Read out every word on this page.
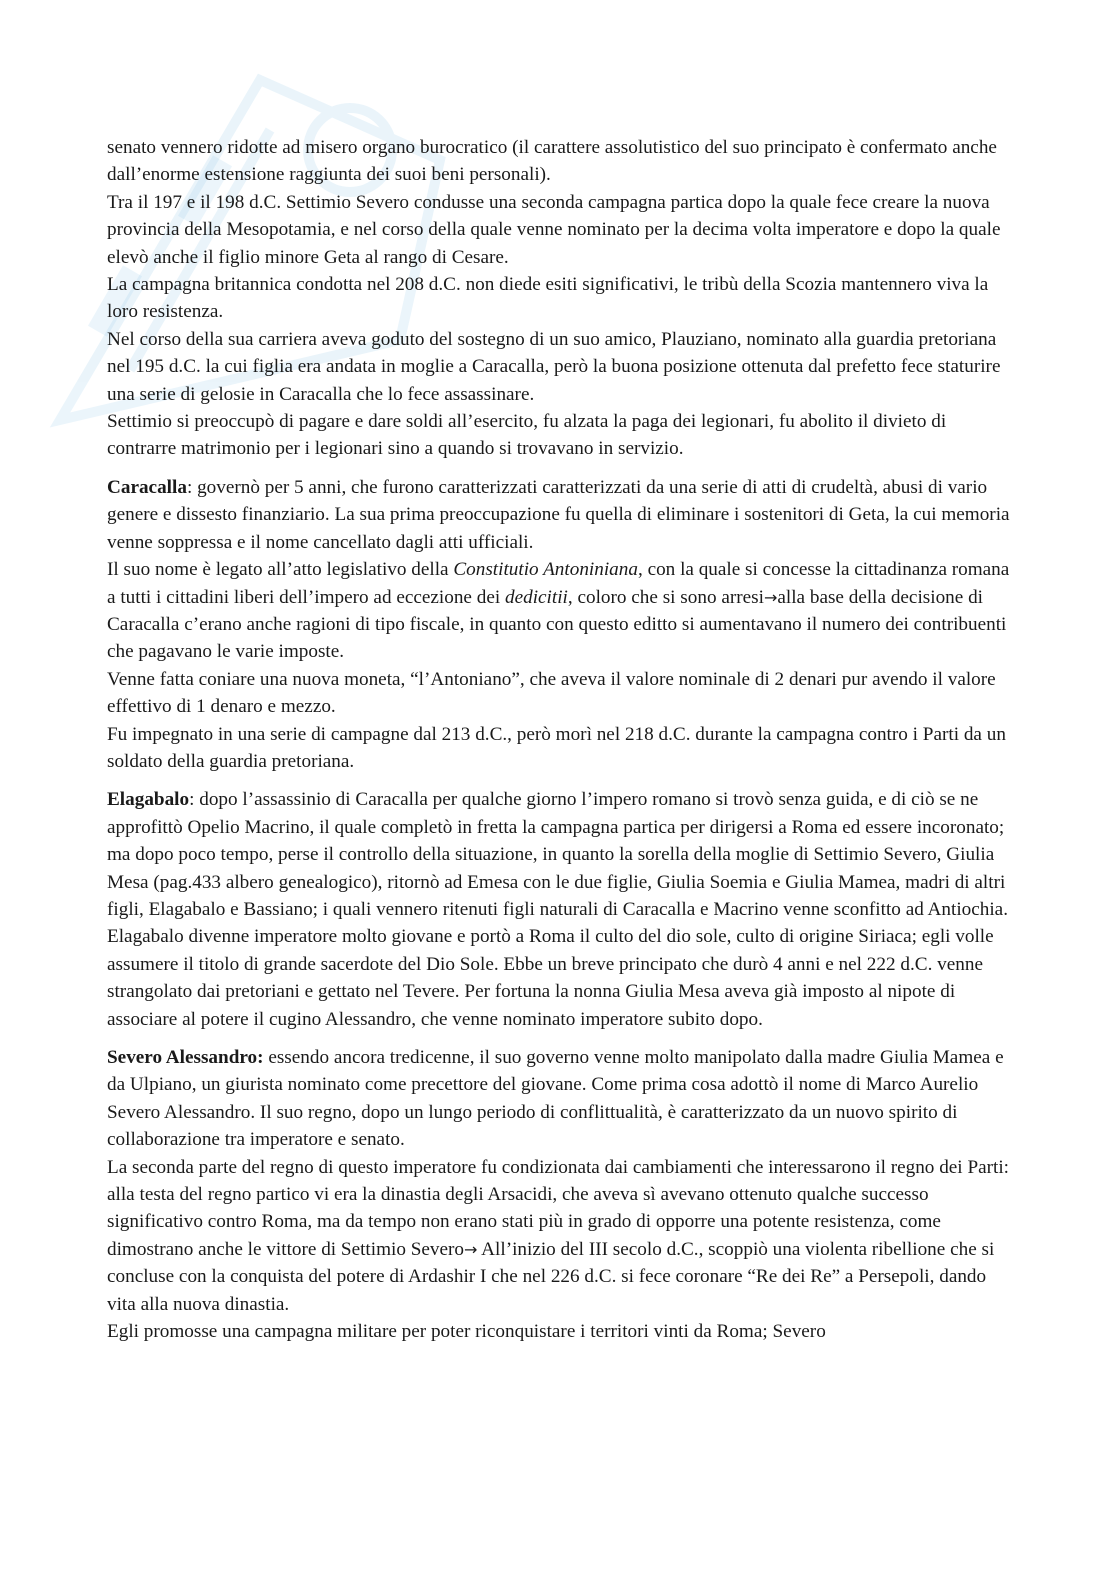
senato vennero ridotte ad misero organo burocratico (il carattere assolutistico del suo principato è confermato anche dall’enorme estensione raggiunta dei suoi beni personali).

Tra il 197 e il 198 d.C. Settimio Severo condusse una seconda campagna partica dopo la quale fece creare la nuova provincia della Mesopotamia, e nel corso della quale venne nominato per la decima volta imperatore e dopo la quale elevò anche il figlio minore Geta al rango di Cesare.

La campagna britannica condotta nel 208 d.C. non diede esiti significativi, le tribù della Scozia mantennero viva la loro resistenza.

Nel corso della sua carriera aveva goduto del sostegno di un suo amico, Plauziano, nominato alla guardia pretoriana nel 195 d.C. la cui figlia era andata in moglie a Caracalla, però la buona posizione ottenuta dal prefetto fece staturire una serie di gelosie in Caracalla che lo fece assassinare.

Settimio si preoccupò di pagare e dare soldi all’esercito, fu alzata la paga dei legionari, fu abolito il divieto di contrarre matrimonio per i legionari sino a quando si trovavano in servizio.

Caracalla: governò per 5 anni, che furono caratterizzati caratterizzati da una serie di atti di crudeltà, abusi di vario genere e dissesto finanziario. La sua prima preoccupazione fu quella di eliminare i sostenitori di Geta, la cui memoria venne soppressa e il nome cancellato dagli atti ufficiali.

Il suo nome è legato all’atto legislativo della Constitutio Antoniniana, con la quale si concesse la cittadinanza romana a tutti i cittadini liberi dell’impero ad eccezione dei dedicitii, coloro che si sono arresi→alla base della decisione di Caracalla c’erano anche ragioni di tipo fiscale, in quanto con questo editto si aumentavano il numero dei contribuenti che pagavano le varie imposte.

Venne fatta coniare una nuova moneta, “l’Antoniano”, che aveva il valore nominale di 2 denari pur avendo il valore effettivo di 1 denaro e mezzo.

Fu impegnato in una serie di campagne dal 213 d.C., però morì nel 218 d.C. durante la campagna contro i Parti da un soldato della guardia pretoriana.

Elagabalo: dopo l’assassinio di Caracalla per qualche giorno l’impero romano si trovò senza guida, e di ciò se ne approfittò Opelio Macrino, il quale completò in fretta la campagna partica per dirigersi a Roma ed essere incoronato; ma dopo poco tempo, perse il controllo della situazione, in quanto la sorella della moglie di Settimio Severo, Giulia Mesa (pag.433 albero genealogico), ritornò ad Emesa con le due figlie, Giulia Soemia e Giulia Mamea, madri di altri figli, Elagabalo e Bassiano; i quali vennero ritenuti figli naturali di Caracalla e Macrino venne sconfitto ad Antiochia.

Elagabalo divenne imperatore molto giovane e portò a Roma il culto del dio sole, culto di origine Siriaca; egli volle assumere il titolo di grande sacerdote del Dio Sole. Ebbe un breve principato che durò 4 anni e nel 222 d.C. venne strangolato dai pretoriani e gettato nel Tevere. Per fortuna la nonna Giulia Mesa aveva già imposto al nipote di associare al potere il cugino Alessandro, che venne nominato imperatore subito dopo.

Severo Alessandro: essendo ancora tredicenne, il suo governo venne molto manipolato dalla madre Giulia Mamea e da Ulpiano, un giurista nominato come precettore del giovane. Come prima cosa adottò il nome di Marco Aurelio Severo Alessandro. Il suo regno, dopo un lungo periodo di conflittualità, è caratterizzato da un nuovo spirito di collaborazione tra imperatore e senato.

La seconda parte del regno di questo imperatore fu condizionata dai cambiamenti che interessarono il regno dei Parti: alla testa del regno partico vi era la dinastia degli Arsacidi, che aveva sì avevano ottenuto qualche successo significativo contro Roma, ma da tempo non erano stati più in grado di opporre una potente resistenza, come dimostrano anche le vittore di Settimio Severo→ All’inizio del III secolo d.C., scoppiò una violenta ribellione che si concluse con la conquista del potere di Ardashir I che nel 226 d.C. si fece coronare “Re dei Re” a Persepoli, dando vita alla nuova dinastia.

Egli promosse una campagna militare per poter riconquistare i territori vinti da Roma; Severo
